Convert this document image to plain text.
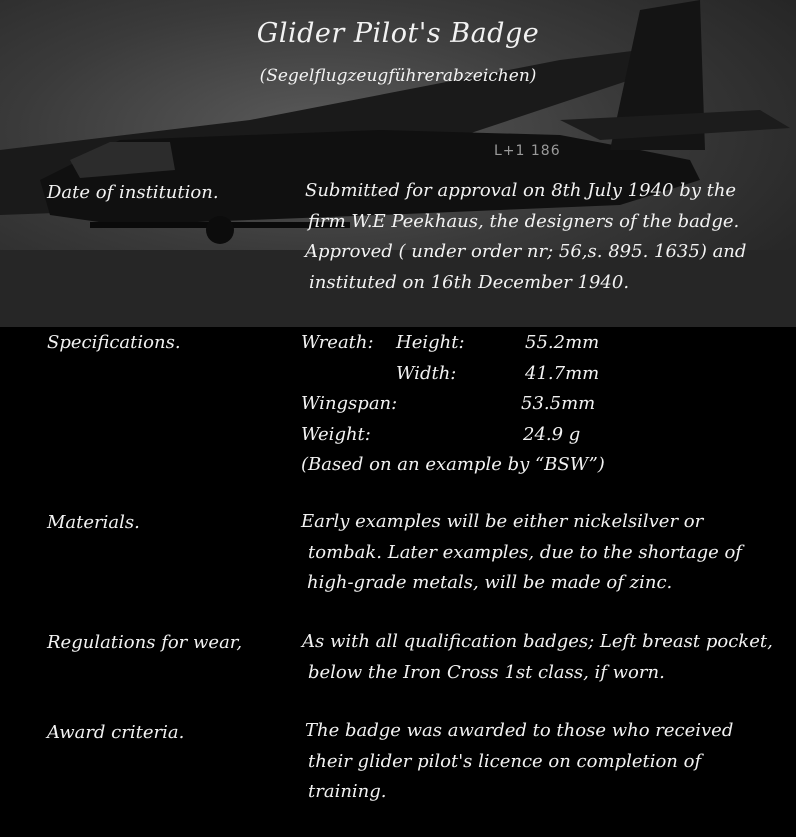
L+1 186
Glider Pilot's Badge
(Segelflugzeugführerabzeichen)
Date of institution.	Submitted for approval on 8th July 1940 by the
firm W.E Peekhaus, the designers of the badge.
Approved ( under order nr; 56,s. 895. 1635) and
instituted on 16th December 1940.
Specifications.	Wreath: Height:	55.2mm
Width:	41.7mm
Wingspan:	53.5mm
Weight:	24.9 g
(Based on an example by “BSW”)
Materials.	Early examples will be either nickelsilver or
tombak. Later examples, due to the shortage of
high-grade metals, will be made of zinc.
Regulations for wear,	As with all qualification badges; Left breast pocket,
below the Iron Cross 1st class, if worn.
Award criteria.	The badge was awarded to those who received
their glider pilot's licence on completion of
training.
